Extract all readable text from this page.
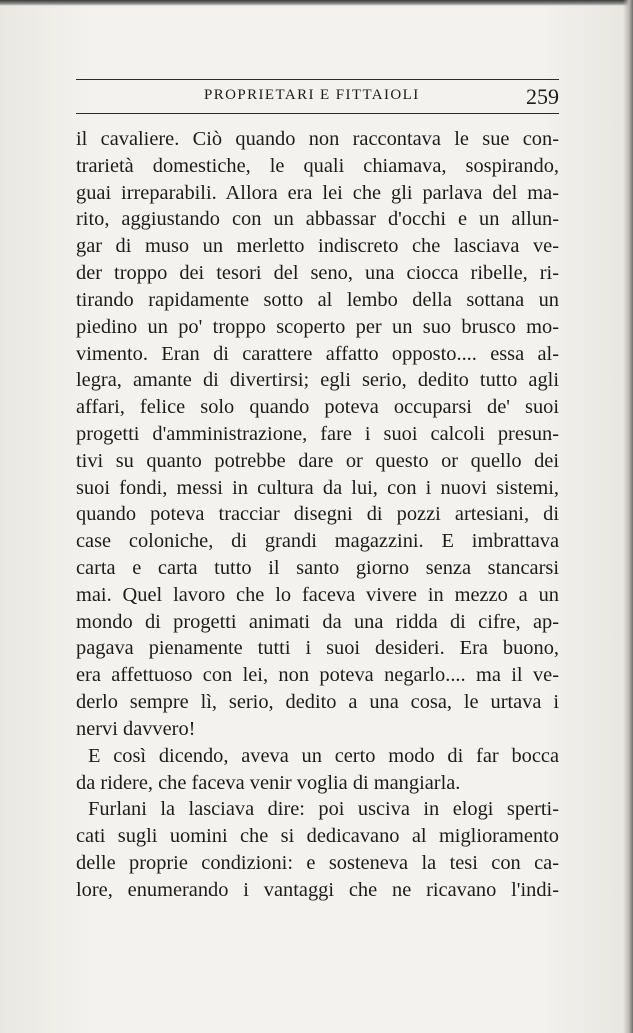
PROPRIETARI E FITTAIOLI	259
il cavaliere. Ciò quando non raccontava le sue con-
trarietà domestiche, le quali chiamava, sospirando,
guai irreparabili. Allora era lei che gli parlava del ma-
rito, aggiustando con un abbassar d'occhi e un allun-
gar di muso un merletto indiscreto che lasciava ve-
der troppo dei tesori del seno, una ciocca ribelle, ri-
tirando rapidamente sotto al lembo della sottana un
piedino un po' troppo scoperto per un suo brusco mo-
vimento. Eran di carattere affatto opposto.... essa al-
legra, amante di divertirsi; egli serio, dedito tutto agli
affari, felice solo quando poteva occuparsi de' suoi
progetti d'amministrazione, fare i suoi calcoli presun-
tivi su quanto potrebbe dare or questo or quello dei
suoi fondi, messi in cultura da lui, con i nuovi sistemi,
quando poteva tracciar disegni di pozzi artesiani, di
case coloniche, di grandi magazzini. E imbrattava
carta e carta tutto il santo giorno senza stancarsi
mai. Quel lavoro che lo faceva vivere in mezzo a un
mondo di progetti animati da una ridda di cifre, ap-
pagava pienamente tutti i suoi desideri. Era buono,
era affettuoso con lei, non poteva negarlo.... ma il ve-
derlo sempre lì, serio, dedito a una cosa, le urtava i
nervi davvero!
E così dicendo, aveva un certo modo di far bocca
da ridere, che faceva venir voglia di mangiarla.
Furlani la lasciava dire: poi usciva in elogi sperti-
cati sugli uomini che si dedicavano al miglioramento
delle proprie condizioni: e sosteneva la tesi con ca-
lore, enumerando i vantaggi che ne ricavano l'indi-
